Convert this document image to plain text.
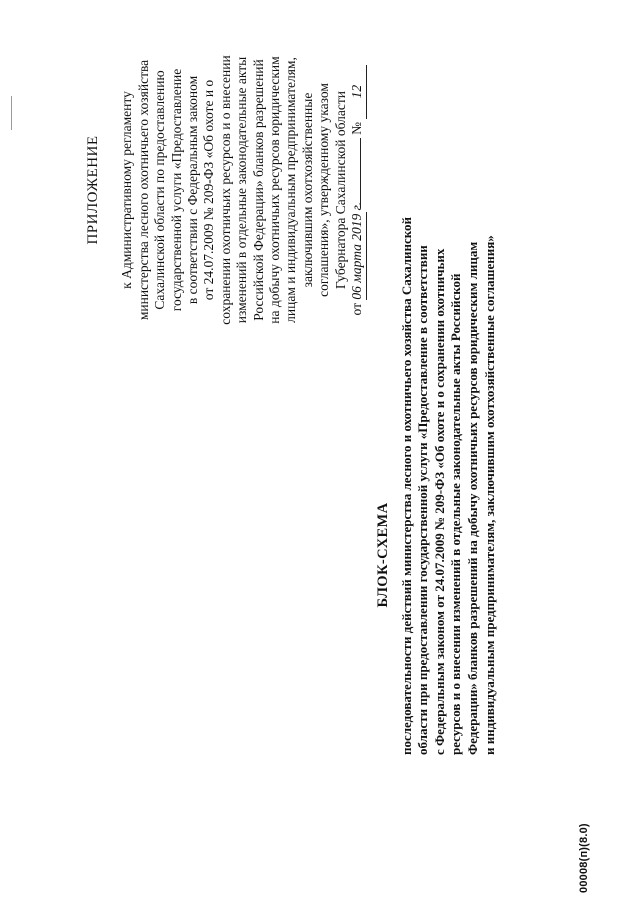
ПРИЛОЖЕНИЕ к Административному регламенту министерства лесного охотничьего хозяйства Сахалинской области по предоставлению государственной услуги «Предоставление в соответствии с Федеральным законом от 24.07.2009 № 209-ФЗ «Об охоте и о сохранении охотничьих ресурсов и о внесении изменений в отдельные законодательные акты Российской Федерации» бланков разрешений на добычу охотничьих ресурсов юридическим лицам и индивидуальным предпринимателям, заключившим охотхозяйственные соглашения», утвержденному указом Губернатора Сахалинской области
от 06 марта 2019 г.  № 12
БЛОК-СХЕМА последовательности действий министерства лесного и охотничьего хозяйства Сахалинской области при предоставлении государственной услуги «Предоставление в соответствии с Федеральным законом от 24.07.2009 № 209-ФЗ «Об охоте и о сохранении охотничьих ресурсов и о внесении изменений в отдельные законодательные акты Российской Федерации» бланков разрешений на добычу охотничьих ресурсов юридическим лицам и индивидуальным предпринимателям, заключившим охотхозяйственные соглашения»
00008(п)(8.0)
